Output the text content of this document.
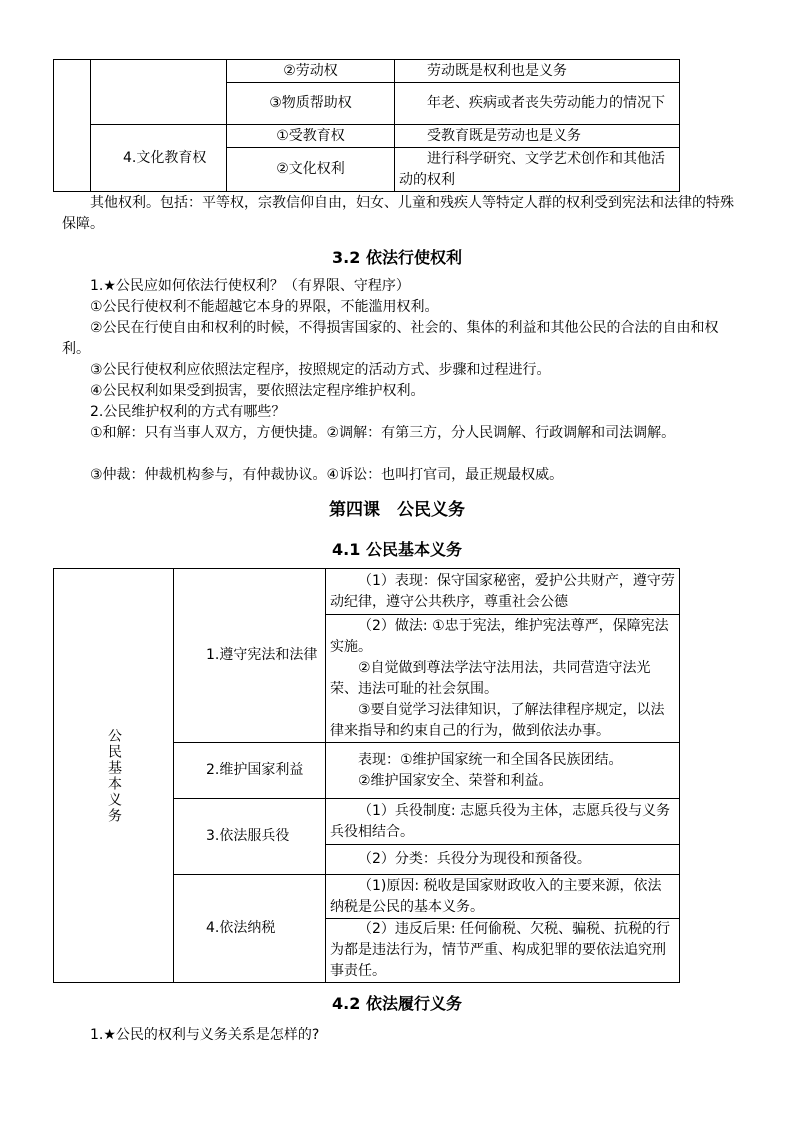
		②劳动权	劳动既是权利也是义务
		③物质帮助权	年老、疾病或者丧失劳动能力的情况下
	4.文化教育权	①受教育权	受教育既是劳动也是义务
		②文化权利	进行科学研究、文学艺术创作和其他活动的权利

其他权利。包括：平等权，宗教信仰自由，妇女、儿童和残疾人等特定人群的权利受到宪法和法律的特殊保障。

3.2 依法行使权利

1.★公民应如何依法行使权利？（有界限、守程序）

①公民行使权利不能超越它本身的界限，不能滥用权利。

②公民在行使自由和权利的时候，不得损害国家的、社会的、集体的利益和其他公民的合法的自由和权利。

③公民行使权利应依照法定程序，按照规定的活动方式、步骤和过程进行。

④公民权利如果受到损害，要依照法定程序维护权利。

2.公民维护权利的方式有哪些？

①和解：只有当事人双方，方便快捷。②调解：有第三方，分人民调解、行政调解和司法调解。

③仲裁：仲裁机构参与，有仲裁协议。④诉讼：也叫打官司，最正规最权威。

第四课　公民义务

4.1 公民基本义务

公民基本义务	1.遵守宪法和法律	（1）表现：保守国家秘密，爱护公共财产，遵守劳动纪律，遵守公共秩序，尊重社会公德

		（2）做法: ①忠于宪法，维护宪法尊严，保障宪法实施。
②自觉做到尊法学法守法用法，共同营造守法光荣、违法可耻的社会氛围。
③要自觉学习法律知识，了解法律程序规定，以法律来指导和约束自己的行为，做到依法办事。

	2.维护国家利益	表现：①维护国家统一和全国各民族团结。
②维护国家安全、荣誉和利益。

	3.依法服兵役	（1）兵役制度: 志愿兵役为主体，志愿兵役与义务兵役相结合。
		（2）分类：兵役分为现役和预备役。
	4.依法纳税	（1)原因: 税收是国家财政收入的主要来源，依法纳税是公民的基本义务。
		（2）违反后果: 任何偷税、欠税、骗税、抗税的行为都是违法行为，情节严重、构成犯罪的要依法追究刑事责任。

4.2 依法履行义务

1.★公民的权利与义务关系是怎样的?
